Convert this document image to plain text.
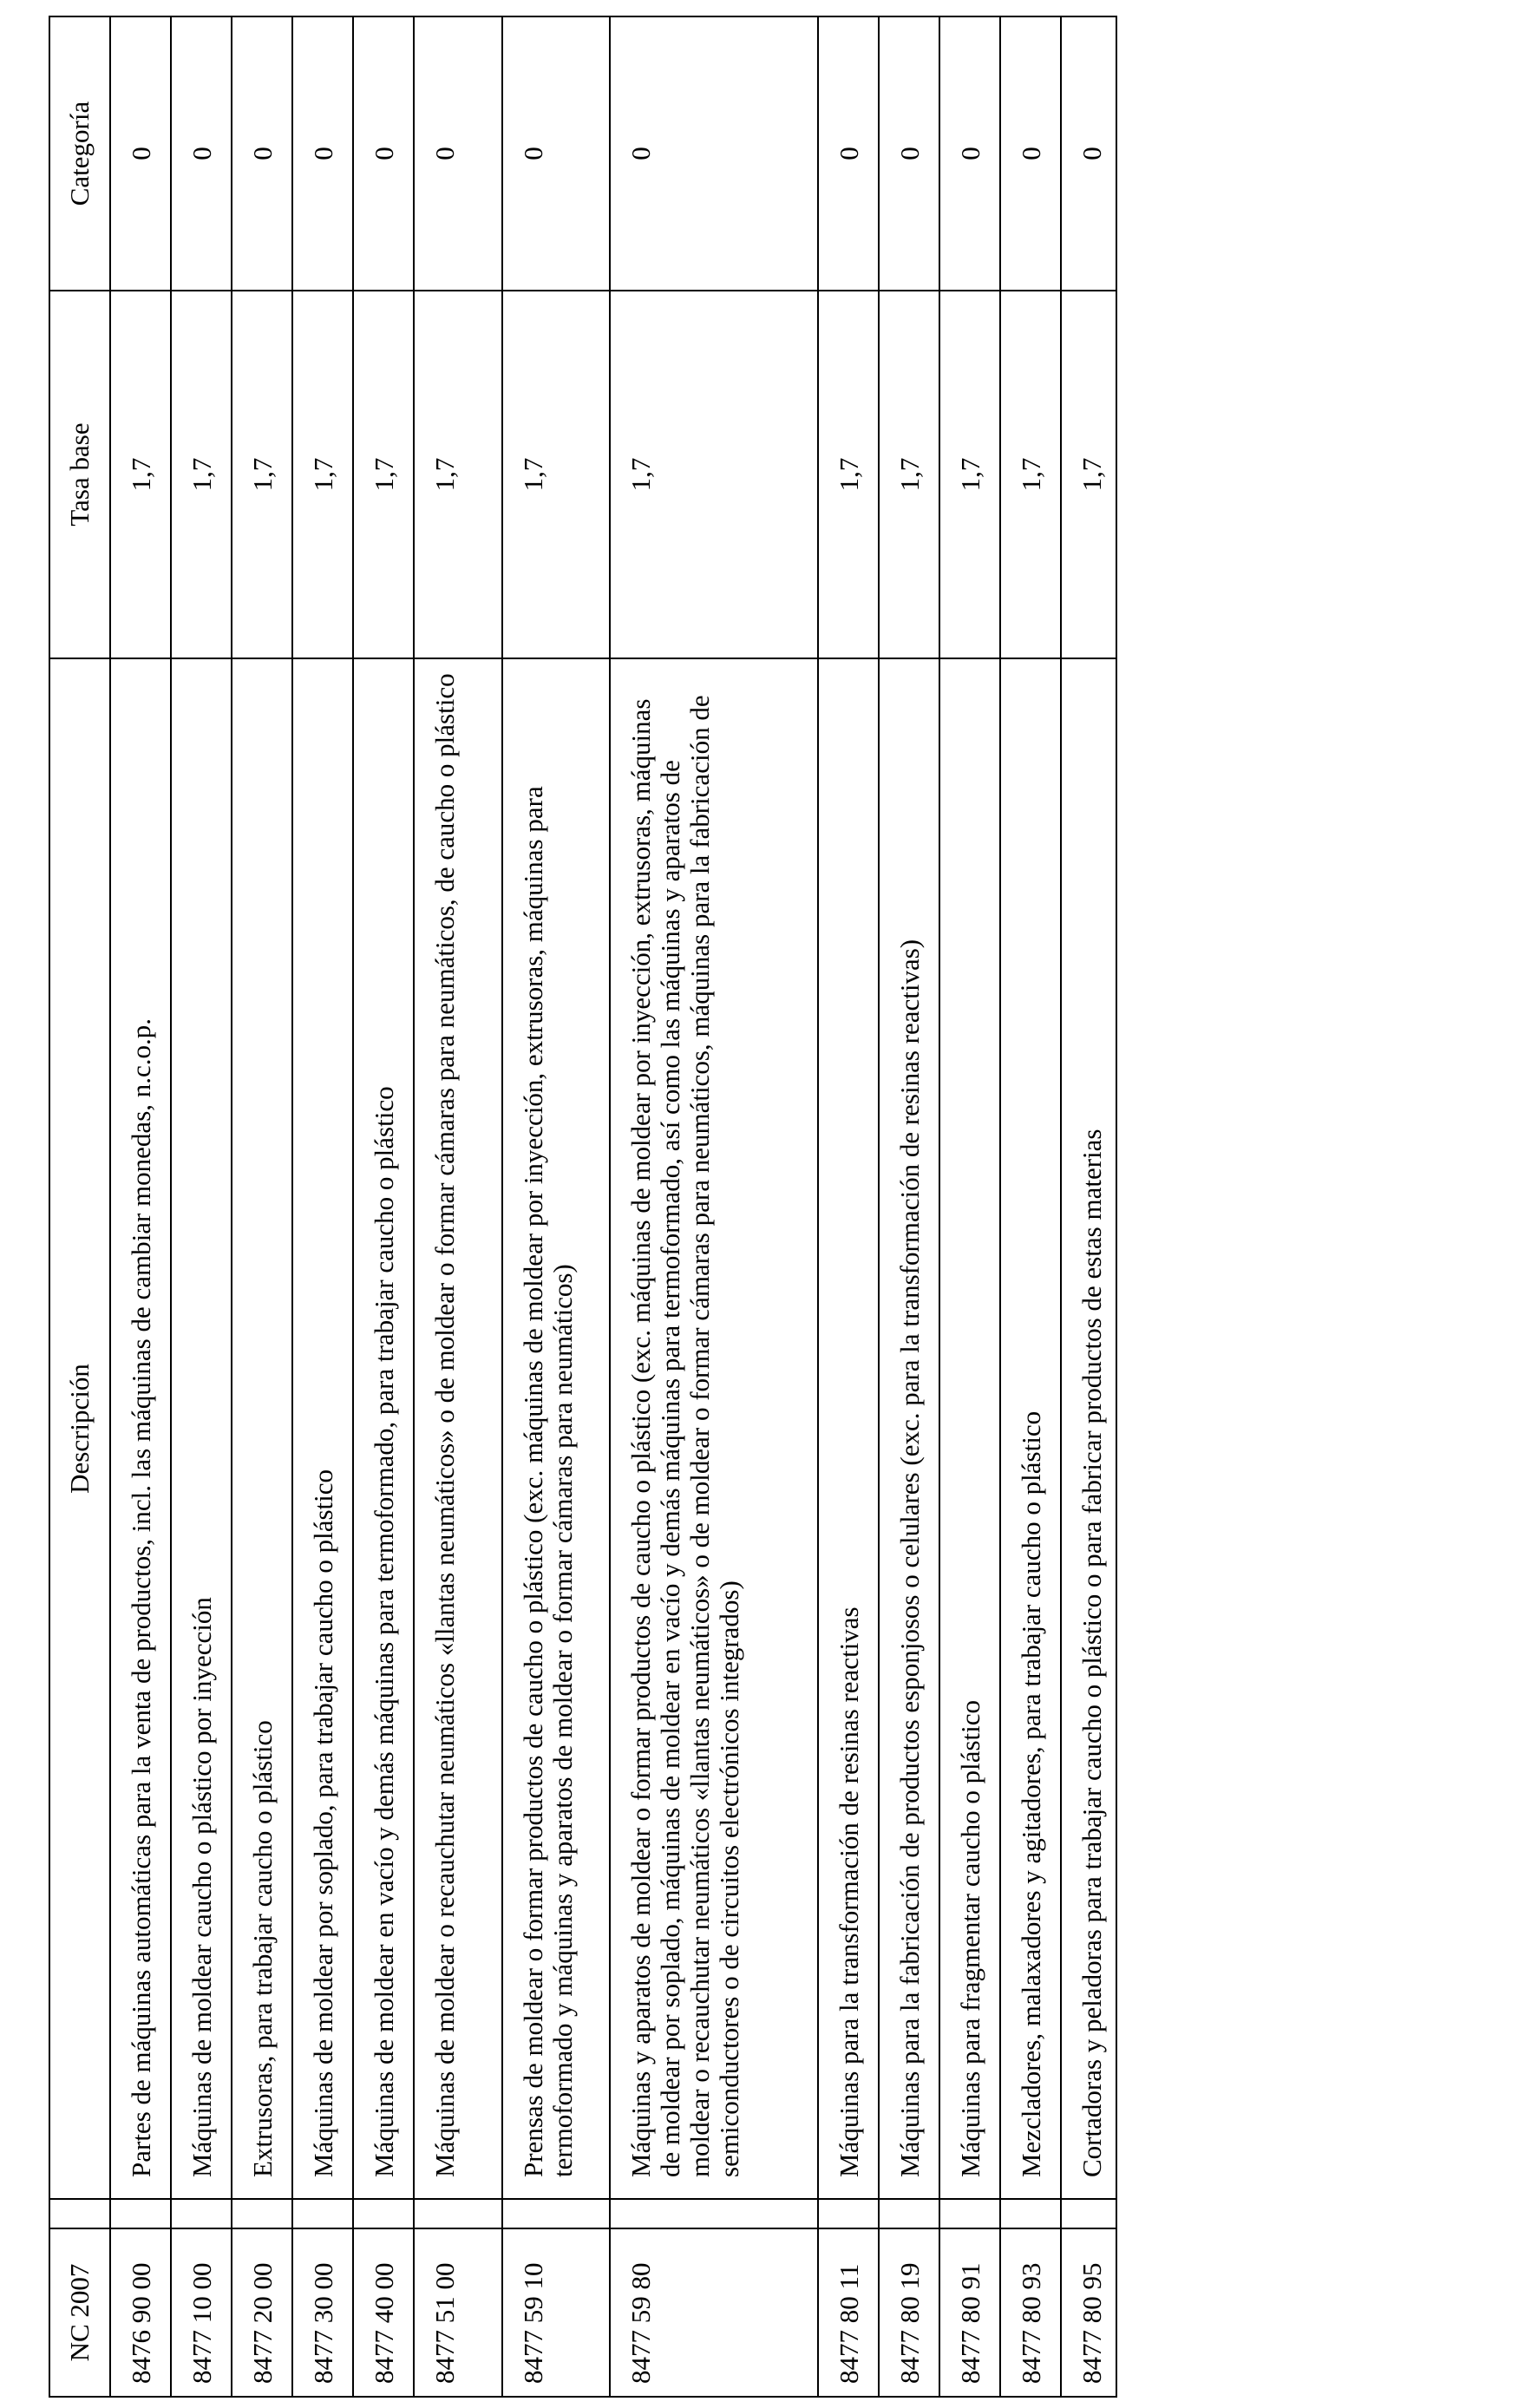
NC 2007		Descripción	Tasa base	Categoría
8476 90 00		Partes de máquinas automáticas para la venta de productos, incl. las máquinas de cambiar monedas, n.c.o.p.	1,7	0
8477 10 00		Máquinas de moldear caucho o plástico por inyección	1,7	0
8477 20 00		Extrusoras, para trabajar caucho o plástico	1,7	0
8477 30 00		Máquinas de moldear por soplado, para trabajar caucho o plástico	1,7	0
8477 40 00		Máquinas de moldear en vacío y demás máquinas para termoformado, para trabajar caucho o plástico	1,7	0
8477 51 00		Máquinas de moldear o recauchutar neumáticos «llantas neumáticos» o de moldear o formar cámaras para neumáticos, de caucho o plástico	1,7	0
8477 59 10		Prensas de moldear o formar productos de caucho o plástico (exc. máquinas de moldear por inyección, extrusoras, máquinas para termoformado y máquinas y aparatos de moldear o formar cámaras para neumáticos)	1,7	0
8477 59 80		Máquinas y aparatos de moldear o formar productos de caucho o plástico (exc. máquinas de moldear por inyección, extrusoras, máquinas de moldear por soplado, máquinas de moldear en vacío y demás máquinas para termoformado, así como las máquinas y aparatos de moldear o recauchutar neumáticos «llantas neumáticos» o de moldear o formar cámaras para neumáticos, máquinas para la fabricación de semiconductores o de circuitos electrónicos integrados)	1,7	0
8477 80 11		Máquinas para la transformación de resinas reactivas	1,7	0
8477 80 19		Máquinas para la fabricación de productos esponjosos o celulares (exc. para la transformación de resinas reactivas)	1,7	0
8477 80 91		Máquinas para fragmentar caucho o plástico	1,7	0
8477 80 93		Mezcladores, malaxadores y agitadores, para trabajar caucho o plástico	1,7	0
8477 80 95		Cortadoras y peladoras para trabajar caucho o plástico o para fabricar productos de estas materias	1,7	0
